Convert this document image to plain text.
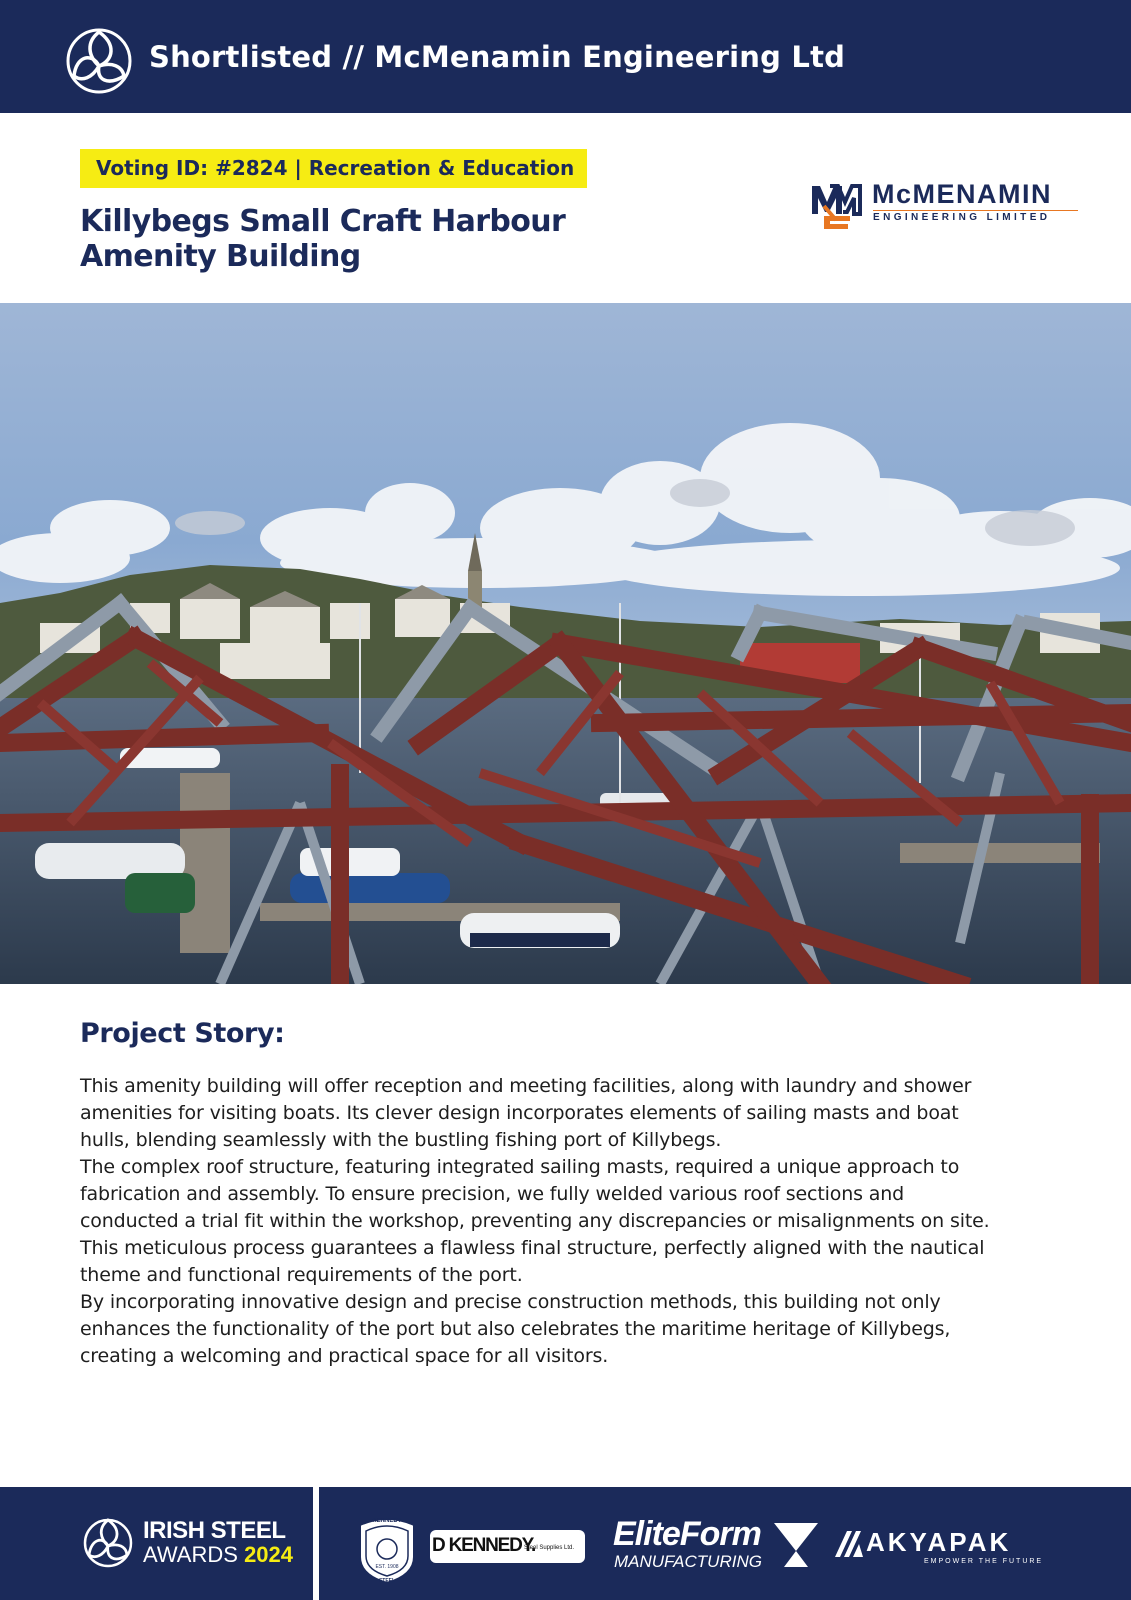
Shortlisted // McMenamin Engineering Ltd
Voting ID: #2824 | Recreation & Education
Killybegs Small Craft Harbour
Amenity Building
McMENAMIN
ENGINEERING LIMITED
Project Story:

This amenity building will offer reception and meeting facilities, along with laundry and shower

amenities for visiting boats. Its clever design incorporates elements of sailing masts and boat

hulls, blending seamlessly with the bustling fishing port of Killybegs.

The complex roof structure, featuring integrated sailing masts, required a unique approach to

fabrication and assembly. To ensure precision, we fully welded various roof sections and

conducted a trial fit within the workshop, preventing any discrepancies or misalignments on site.

This meticulous process guarantees a flawless final structure, perfectly aligned with the nautical

theme and functional requirements of the port.

By incorporating innovative design and precise construction methods, this building not only

enhances the functionality of the port but also celebrates the maritime heritage of Killybegs,

creating a welcoming and practical space for all visitors.

IRISH STEEL
AWARDS 2024
KENNEDY
EST. 1908
STEEL
D KENNEDY.
Steel Supplies Ltd. EliteForm
MANUFACTURING
AKYAPAK
EMPOWER THE FUTURE
